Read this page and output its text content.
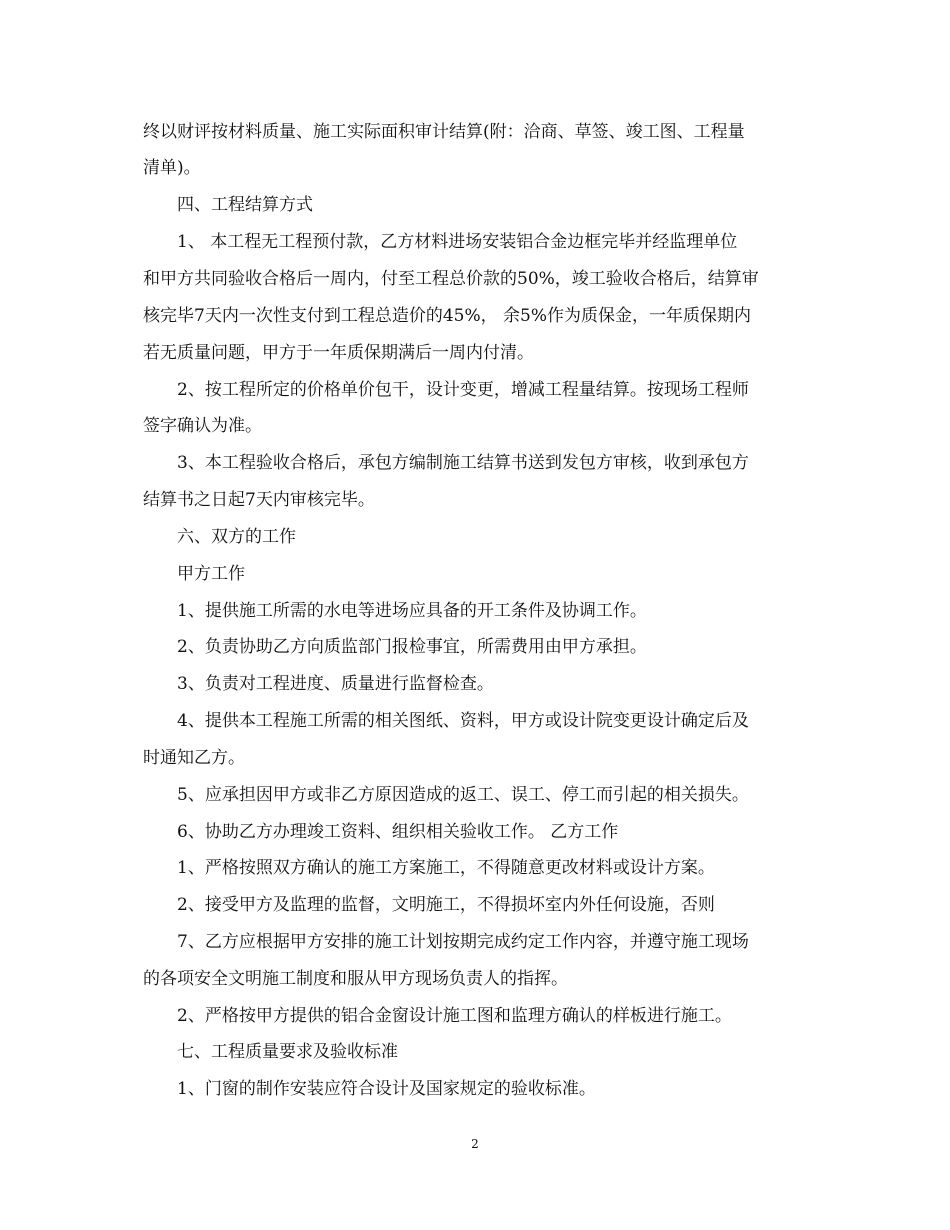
终以财评按材料质量、施工实际面积审计结算(附：洽商、草签、竣工图、工程量
清单)。
四、工程结算方式
1、 本工程无工程预付款，乙方材料进场安装铝合金边框完毕并经监理单位
和甲方共同验收合格后一周内，付至工程总价款的50%，竣工验收合格后，结算审
核完毕7天内一次性支付到工程总造价的45%， 余5%作为质保金，一年质保期内
若无质量问题，甲方于一年质保期满后一周内付清。
2、按工程所定的价格单价包干，设计变更，增减工程量结算。按现场工程师
签字确认为准。
3、本工程验收合格后，承包方编制施工结算书送到发包方审核，收到承包方
结算书之日起7天内审核完毕。
六、双方的工作
甲方工作
1、提供施工所需的水电等进场应具备的开工条件及协调工作。
2、负责协助乙方向质监部门报检事宜，所需费用由甲方承担。
3、负责对工程进度、质量进行监督检查。
4、提供本工程施工所需的相关图纸、资料，甲方或设计院变更设计确定后及
时通知乙方。
5、应承担因甲方或非乙方原因造成的返工、误工、停工而引起的相关损失。
6、协助乙方办理竣工资料、组织相关验收工作。 乙方工作
1、严格按照双方确认的施工方案施工，不得随意更改材料或设计方案。
2、接受甲方及监理的监督，文明施工，不得损坏室内外任何设施，否则
7、乙方应根据甲方安排的施工计划按期完成约定工作内容，并遵守施工现场
的各项安全文明施工制度和服从甲方现场负责人的指挥。
2、严格按甲方提供的铝合金窗设计施工图和监理方确认的样板进行施工。
七、工程质量要求及验收标准
1、门窗的制作安装应符合设计及国家规定的验收标准。
2
